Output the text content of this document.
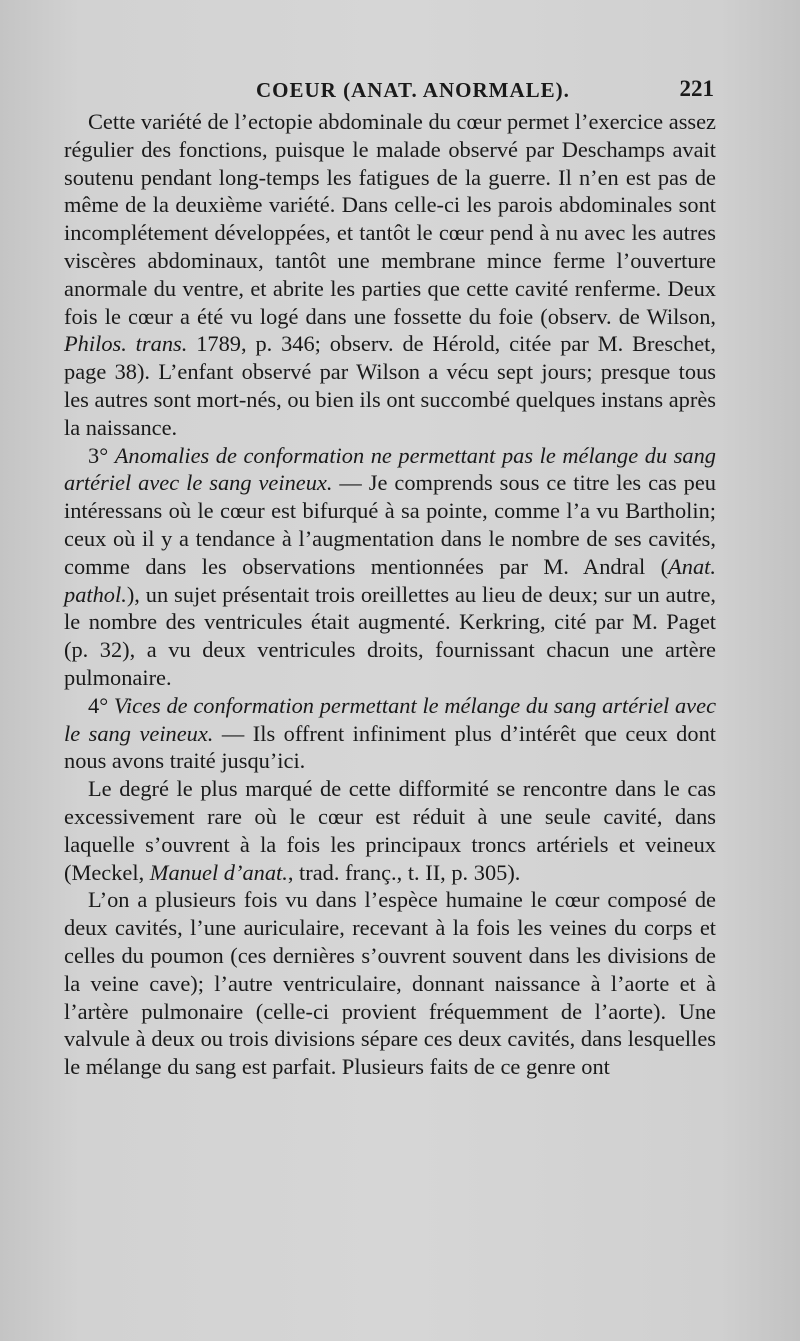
COEUR (ANAT. ANORMALE).	221

Cette variété de l’ectopie abdominale du cœur permet l’exercice assez régulier des fonctions, puisque le malade observé par Deschamps avait soutenu pendant long-temps les fatigues de la guerre. Il n’en est pas de même de la deuxième variété. Dans celle-ci les parois abdominales sont incomplétement développées, et tantôt le cœur pend à nu avec les autres viscères abdominaux, tantôt une membrane mince ferme l’ouverture anormale du ventre, et abrite les parties que cette cavité renferme. Deux fois le cœur a été vu logé dans une fossette du foie (observ. de Wilson, Philos. trans. 1789, p. 346; observ. de Hérold, citée par M. Breschet, page 38). L’enfant observé par Wilson a vécu sept jours; presque tous les autres sont mort-nés, ou bien ils ont succombé quelques instans après la naissance.

3° Anomalies de conformation ne permettant pas le mélange du sang artériel avec le sang veineux. — Je comprends sous ce titre les cas peu intéressans où le cœur est bifurqué à sa pointe, comme l’a vu Bartholin; ceux où il y a tendance à l’augmentation dans le nombre de ses cavités, comme dans les observations mentionnées par M. Andral (Anat. pathol.), un sujet présentait trois oreillettes au lieu de deux; sur un autre, le nombre des ventricules était augmenté. Kerkring, cité par M. Paget (p. 32), a vu deux ventricules droits, fournissant chacun une artère pulmonaire.

4° Vices de conformation permettant le mélange du sang artériel avec le sang veineux. — Ils offrent infiniment plus d’intérêt que ceux dont nous avons traité jusqu’ici.

Le degré le plus marqué de cette difformité se rencontre dans le cas excessivement rare où le cœur est réduit à une seule cavité, dans laquelle s’ouvrent à la fois les principaux troncs artériels et veineux (Meckel, Manuel d’anat., trad. franç., t. II, p. 305).

L’on a plusieurs fois vu dans l’espèce humaine le cœur composé de deux cavités, l’une auriculaire, recevant à la fois les veines du corps et celles du poumon (ces dernières s’ouvrent souvent dans les divisions de la veine cave); l’autre ventriculaire, donnant naissance à l’aorte et à l’artère pulmonaire (celle-ci provient fréquemment de l’aorte). Une valvule à deux ou trois divisions sépare ces deux cavités, dans lesquelles le mélange du sang est parfait. Plusieurs faits de ce genre ont
